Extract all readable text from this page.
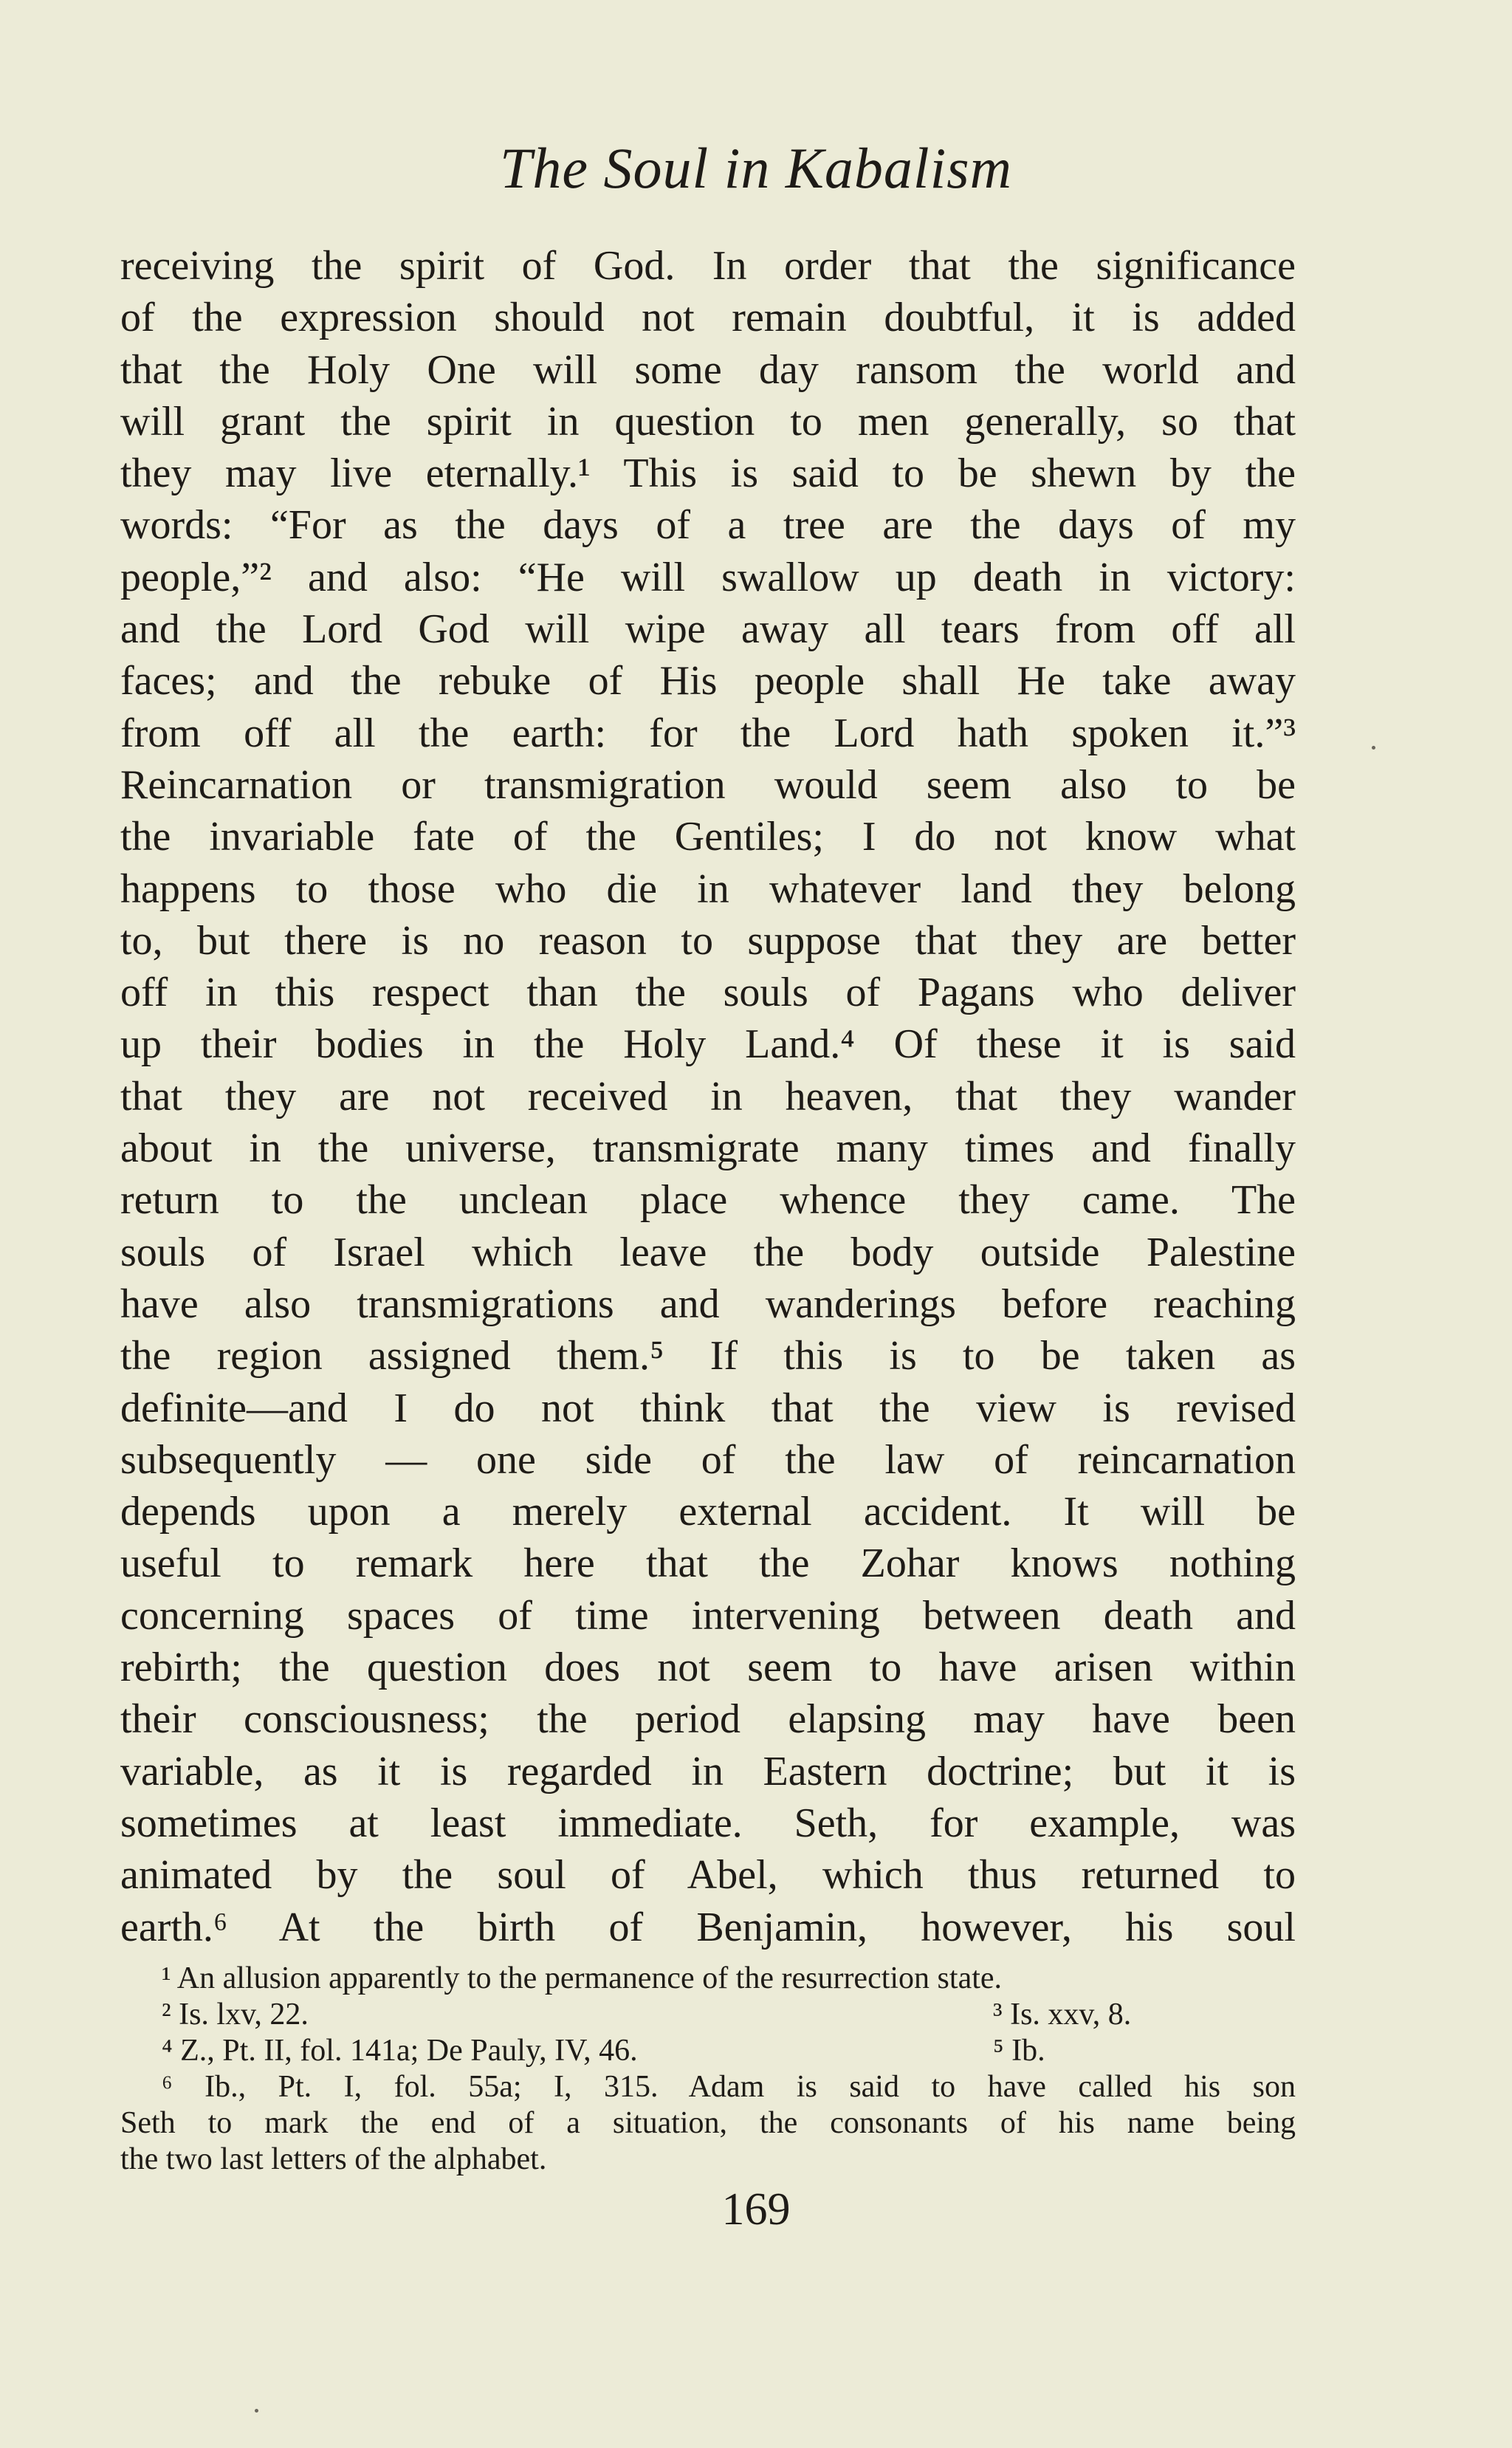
The Soul in Kabalism
receiving the spirit of God. In order that the significance
of the expression should not remain doubtful, it is added
that the Holy One will some day ransom the world and
will grant the spirit in question to men generally, so that
they may live eternally.¹ This is said to be shewn by the
words: “For as the days of a tree are the days of my
people,”² and also: “He will swallow up death in victory:
and the Lord God will wipe away all tears from off all
faces; and the rebuke of His people shall He take away
from off all the earth: for the Lord hath spoken it.”³
Reincarnation or transmigration would seem also to be
the invariable fate of the Gentiles; I do not know what
happens to those who die in whatever land they belong
to, but there is no reason to suppose that they are better
off in this respect than the souls of Pagans who deliver
up their bodies in the Holy Land.⁴ Of these it is said
that they are not received in heaven, that they wander
about in the universe, transmigrate many times and finally
return to the unclean place whence they came. The
souls of Israel which leave the body outside Palestine
have also transmigrations and wanderings before reaching
the region assigned them.⁵ If this is to be taken as
definite—and I do not think that the view is revised
subsequently — one side of the law of reincarnation
depends upon a merely external accident. It will be
useful to remark here that the Zohar knows nothing
concerning spaces of time intervening between death and
rebirth; the question does not seem to have arisen within
their consciousness; the period elapsing may have been
variable, as it is regarded in Eastern doctrine; but it is
sometimes at least immediate. Seth, for example, was
animated by the soul of Abel, which thus returned to
earth.⁶ At the birth of Benjamin, however, his soul
¹ An allusion apparently to the permanence of the resurrection state.
² Is. lxv, 22.	³ Is. xxv, 8.
⁴ Z., Pt. II, fol. 141a; De Pauly, IV, 46.	⁵ Ib.
⁶ Ib., Pt. I, fol. 55a; I, 315. Adam is said to have called his son
Seth to mark the end of a situation, the consonants of his name being
the two last letters of the alphabet.
169
